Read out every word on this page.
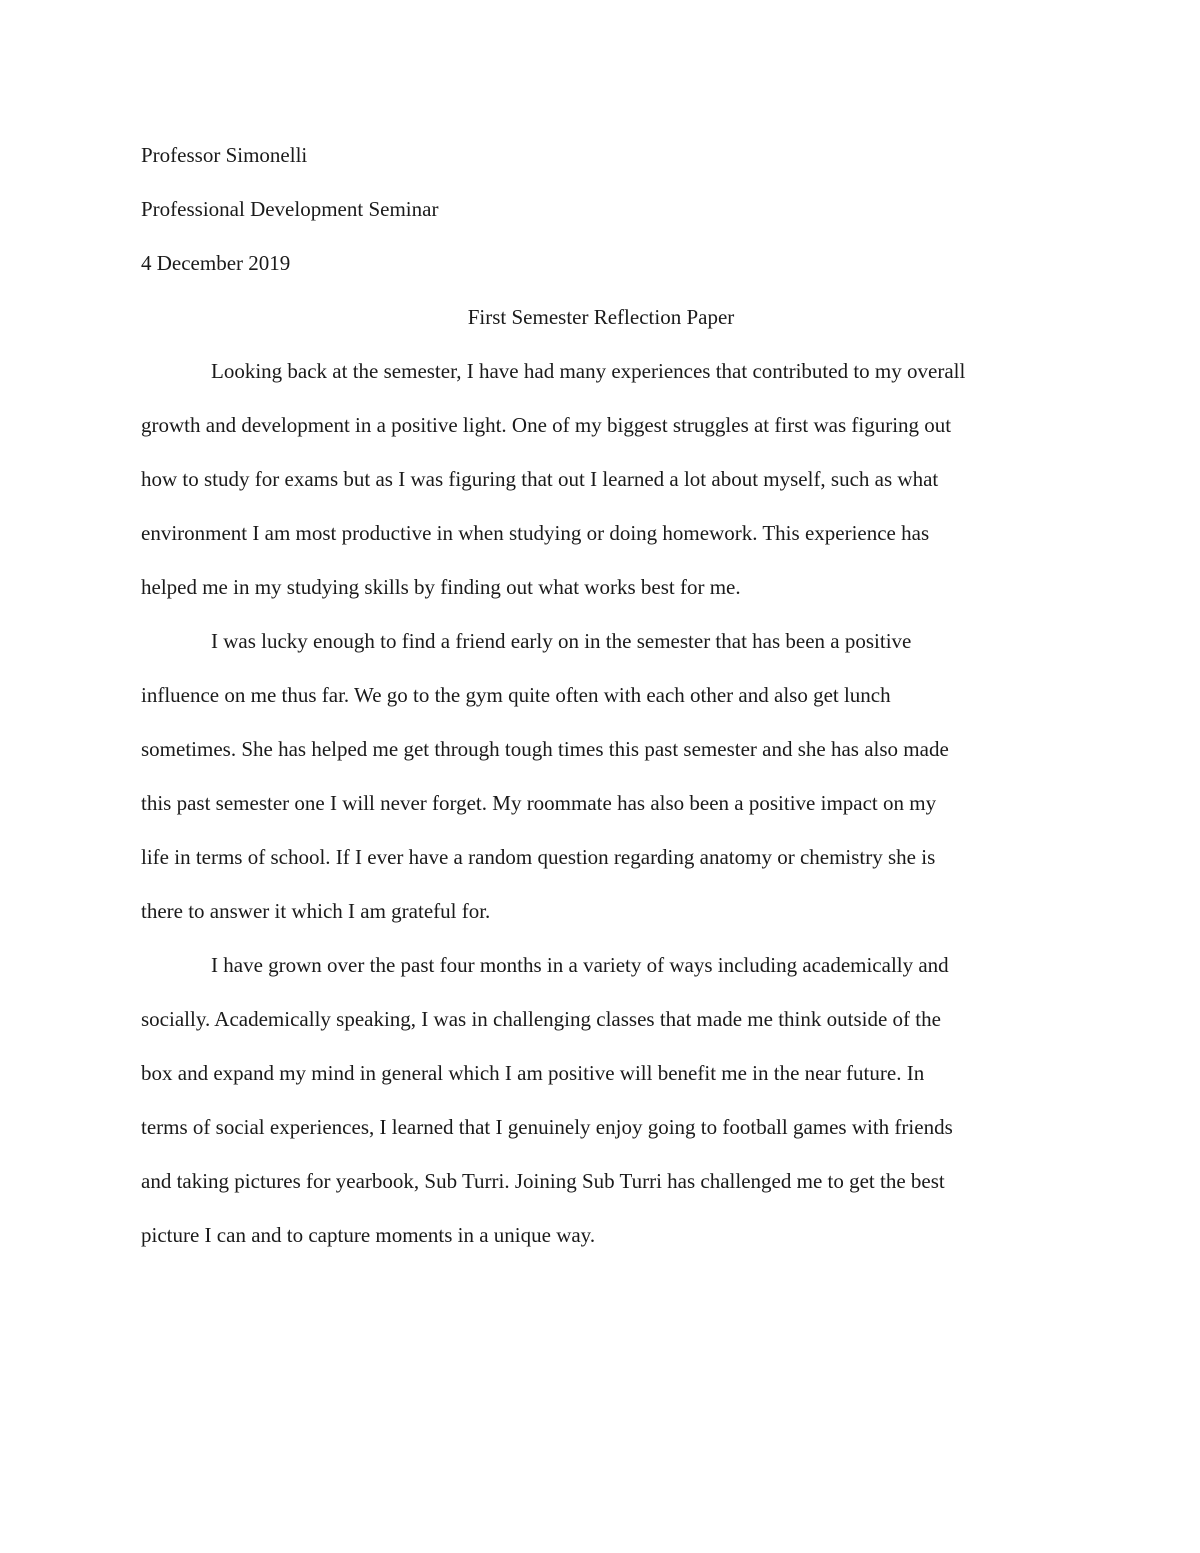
Professor Simonelli

Professional Development Seminar

4 December 2019

First Semester Reflection Paper

Looking back at the semester, I have had many experiences that contributed to my overall
growth and development in a positive light. One of my biggest struggles at first was figuring out
how to study for exams but as I was figuring that out I learned a lot about myself, such as what
environment I am most productive in when studying or doing homework. This experience has
helped me in my studying skills by finding out what works best for me.

I was lucky enough to find a friend early on in the semester that has been a positive
influence on me thus far. We go to the gym quite often with each other and also get lunch
sometimes. She has helped me get through tough times this past semester and she has also made
this past semester one I will never forget. My roommate has also been a positive impact on my
life in terms of school. If I ever have a random question regarding anatomy or chemistry she is
there to answer it which I am grateful for.

I have grown over the past four months in a variety of ways including academically and
socially. Academically speaking, I was in challenging classes that made me think outside of the
box and expand my mind in general which I am positive will benefit me in the near future. In
terms of social experiences, I learned that I genuinely enjoy going to football games with friends
and taking pictures for yearbook, Sub Turri. Joining Sub Turri has challenged me to get the best
picture I can and to capture moments in a unique way.
